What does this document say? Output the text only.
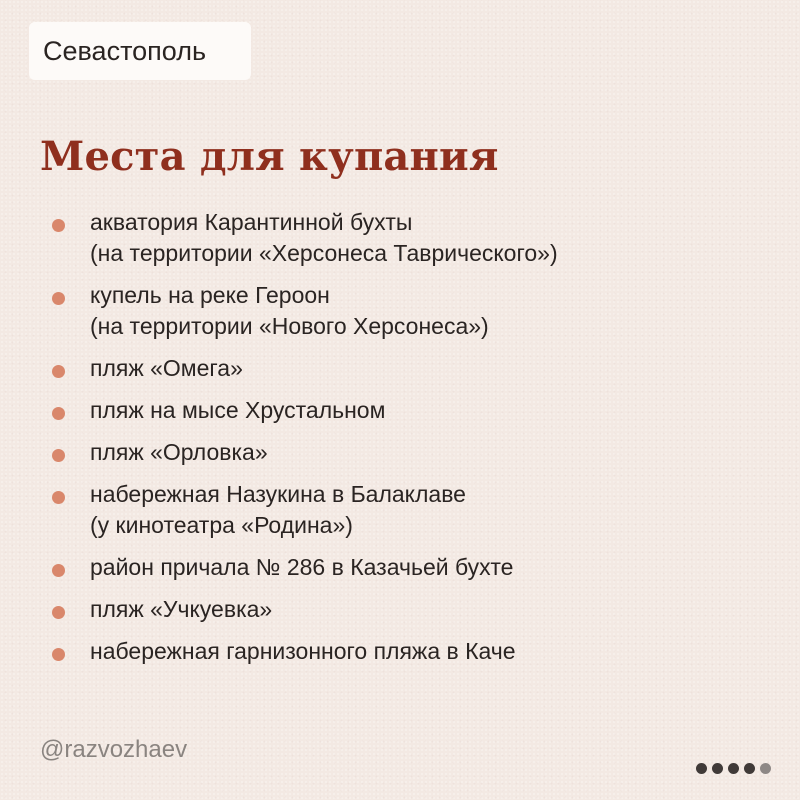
Севастополь
Места для купания
акватория Карантинной бухты
(на территории «Херсонеса Таврического»)
купель на реке Героон
(на территории «Нового Херсонеса»)
пляж «Омега»
пляж на мысе Хрустальном
пляж «Орловка»
набережная Назукина в Балаклаве
(у кинотеатра «Родина»)
район причала № 286 в Казачьей бухте
пляж «Учкуевка»
набережная гарнизонного пляжа в Каче
@razvozhaev
